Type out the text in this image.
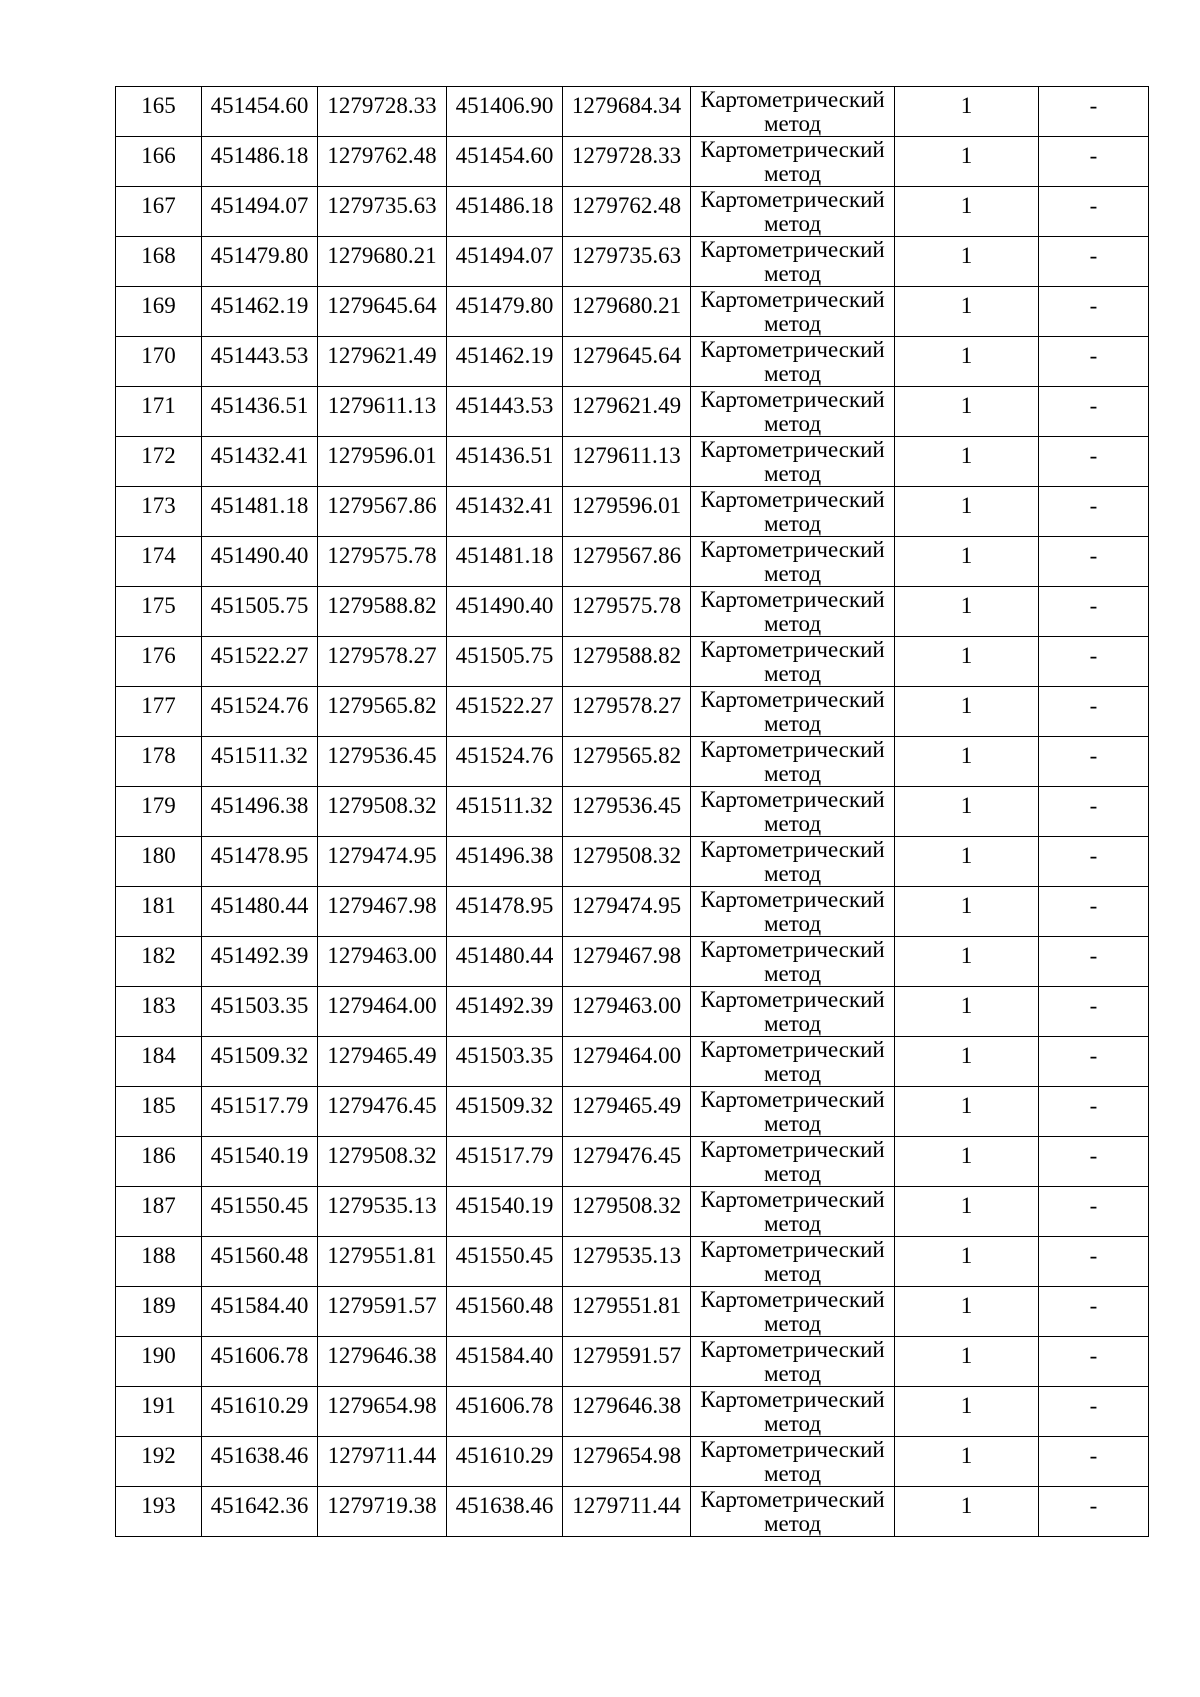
165	451454.60	1279728.33	451406.90	1279684.34	Картометрический метод	1	-

166	451486.18	1279762.48	451454.60	1279728.33	Картометрический метод	1	-

167	451494.07	1279735.63	451486.18	1279762.48	Картометрический метод	1	-

168	451479.80	1279680.21	451494.07	1279735.63	Картометрический метод	1	-

169	451462.19	1279645.64	451479.80	1279680.21	Картометрический метод	1	-

170	451443.53	1279621.49	451462.19	1279645.64	Картометрический метод	1	-

171	451436.51	1279611.13	451443.53	1279621.49	Картометрический метод	1	-

172	451432.41	1279596.01	451436.51	1279611.13	Картометрический метод	1	-

173	451481.18	1279567.86	451432.41	1279596.01	Картометрический метод	1	-

174	451490.40	1279575.78	451481.18	1279567.86	Картометрический метод	1	-

175	451505.75	1279588.82	451490.40	1279575.78	Картометрический метод	1	-

176	451522.27	1279578.27	451505.75	1279588.82	Картометрический метод	1	-

177	451524.76	1279565.82	451522.27	1279578.27	Картометрический метод	1	-

178	451511.32	1279536.45	451524.76	1279565.82	Картометрический метод	1	-

179	451496.38	1279508.32	451511.32	1279536.45	Картометрический метод	1	-

180	451478.95	1279474.95	451496.38	1279508.32	Картометрический метод	1	-

181	451480.44	1279467.98	451478.95	1279474.95	Картометрический метод	1	-

182	451492.39	1279463.00	451480.44	1279467.98	Картометрический метод	1	-

183	451503.35	1279464.00	451492.39	1279463.00	Картометрический метод	1	-

184	451509.32	1279465.49	451503.35	1279464.00	Картометрический метод	1	-

185	451517.79	1279476.45	451509.32	1279465.49	Картометрический метод	1	-

186	451540.19	1279508.32	451517.79	1279476.45	Картометрический метод	1	-

187	451550.45	1279535.13	451540.19	1279508.32	Картометрический метод	1	-

188	451560.48	1279551.81	451550.45	1279535.13	Картометрический метод	1	-

189	451584.40	1279591.57	451560.48	1279551.81	Картометрический метод	1	-

190	451606.78	1279646.38	451584.40	1279591.57	Картометрический метод	1	-

191	451610.29	1279654.98	451606.78	1279646.38	Картометрический метод	1	-

192	451638.46	1279711.44	451610.29	1279654.98	Картометрический метод	1	-

193	451642.36	1279719.38	451638.46	1279711.44	Картометрический метод	1	-
